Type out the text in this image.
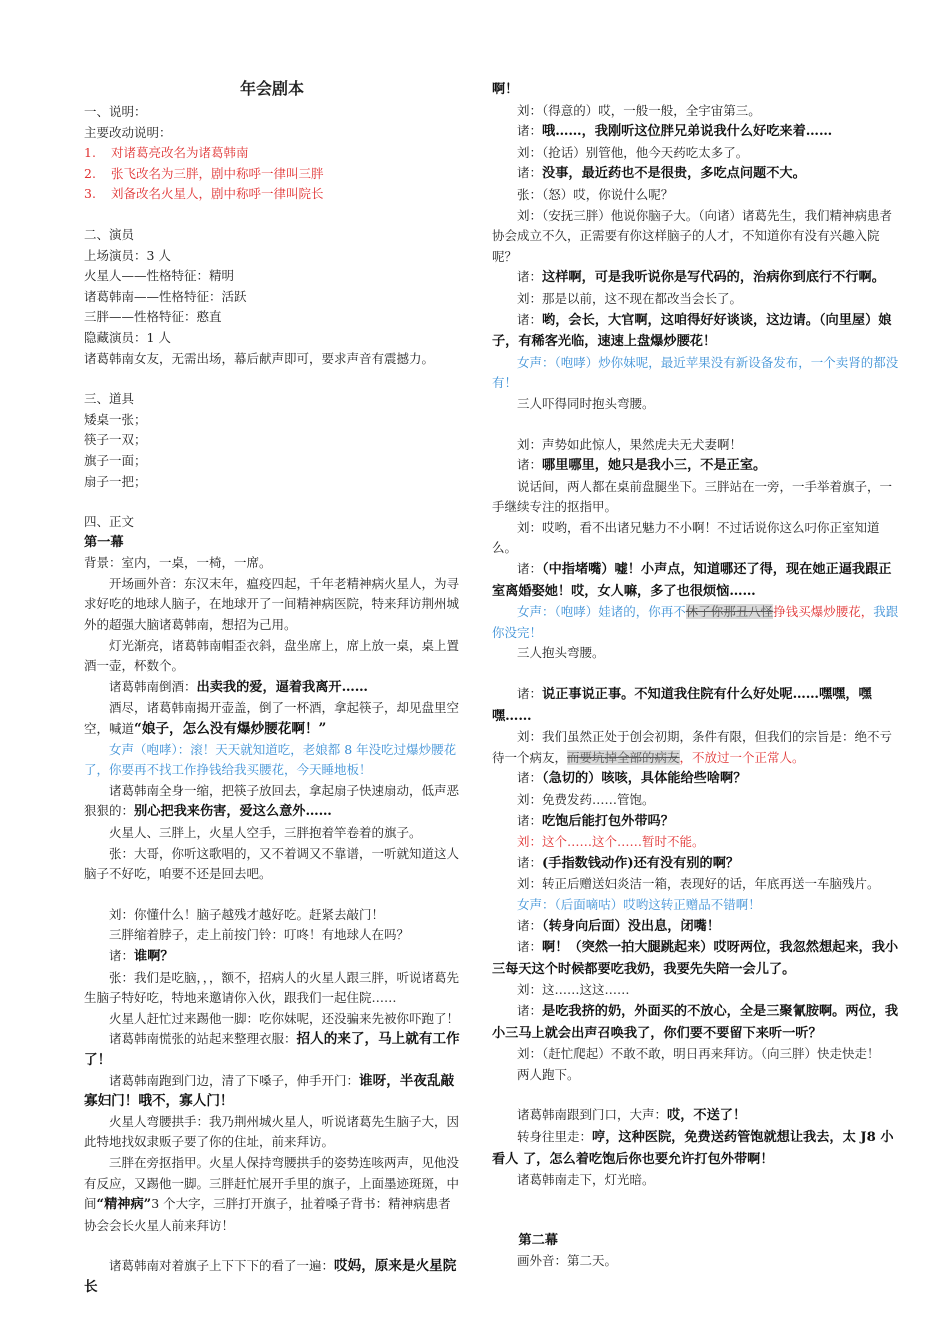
年会剧本

一、说明：

主要改动说明：

1. 对诸葛亮改名为诸葛韩南

2. 张飞改名为三胖，剧中称呼一律叫三胖

3. 刘备改名火星人，剧中称呼一律叫院长

二、演员

上场演员：3 人

火星人——性格特征：精明

诸葛韩南——性格特征：活跃

三胖——性格特征：憨直

隐藏演员：1 人

诸葛韩南女友，无需出场，幕后献声即可，要求声音有震撼力。

三、道具

矮桌一张；

筷子一双；

旗子一面；

扇子一把；

四、正文

第一幕

背景：室内，一桌，一椅，一席。

开场画外音：东汉末年，瘟疫四起，千年老精神病火星人，为寻求好吃的地球人脑子，在地球开了一间精神病医院，特来拜访荆州城外的超强大脑诸葛韩南，想招为己用。

灯光渐亮，诸葛韩南帽歪衣斜，盘坐席上，席上放一桌，桌上置酒一壶，杯数个。

诸葛韩南倒酒：出卖我的爱，逼着我离开……

酒尽，诸葛韩南揭开壶盖，倒了一杯酒，拿起筷子，却见盘里空空，喊道“娘子，怎么没有爆炒腰花啊！”

女声（咆哮）：滚！天天就知道吃，老娘都 8 年没吃过爆炒腰花了，你要再不找工作挣钱给我买腰花，今天睡地板！

诸葛韩南全身一缩，把筷子放回去，拿起扇子快速扇动，低声恶狠狠的：别心把我来伤害，爱这么意外……

火星人、三胖上，火星人空手，三胖抱着竿卷着的旗子。

张：大哥，你听这歌唱的，又不着调又不靠谱，一听就知道这人脑子不好吃，咱要不还是回去吧。

刘：你懂什么！脑子越残才越好吃。赶紧去敲门！

三胖缩着脖子，走上前按门铃：叮咚！有地球人在吗？

诸：谁啊？

张：我们是吃脑，，，额不，招病人的火星人跟三胖，听说诸葛先生脑子特好吃，特地来邀请你入伙，跟我们一起住院……

火星人赶忙过来踢他一脚：吃你妹呢，还没骗来先被你吓跑了！

诸葛韩南慌张的站起来整理衣服：招人的来了，马上就有工作了！

诸葛韩南跑到门边，清了下嗓子，伸手开门：谁呀，半夜乱敲寡妇门！哦不，寡人门！

火星人弯腰拱手：我乃荆州城火星人，听说诸葛先生脑子大，因此特地找奴隶贩子要了你的住址，前来拜访。

三胖在旁抠指甲。火星人保持弯腰拱手的姿势连咳两声，见他没有反应，又踢他一脚。三胖赶忙展开手里的旗子，上面墨迹斑斑，中间“精神病”3 个大字，三胖打开旗子，扯着嗓子背书：精神病患者协会会长火星人前来拜访！

诸葛韩南对着旗子上下下下的看了一遍：哎妈，原来是火星院长

啊！

刘：（得意的）哎，一般一般，全宇宙第三。

诸：哦……，我刚听这位胖兄弟说我什么好吃来着……

刘：（抢话）别管他，他今天药吃太多了。

诸：没事，最近药也不是很贵，多吃点问题不大。

张：（怒）哎，你说什么呢？

刘：（安抚三胖）他说你脑子大。（向诸）诸葛先生，我们精神病患者协会成立不久，正需要有你这样脑子的人才，不知道你有没有兴趣入院呢？

诸：这样啊，可是我听说你是写代码的，治病你到底行不行啊。

刘：那是以前，这不现在都改当会长了。

诸：哟，会长，大官啊，这咱得好好谈谈，这边请。（向里屋）娘子，有稀客光临，速速上盘爆炒腰花！

女声：（咆哮）炒你妹呢，最近苹果没有新设备发布，一个卖肾的都没有！

三人吓得同时抱头弯腰。

刘：声势如此惊人，果然虎夫无犬妻啊！

诸：哪里哪里，她只是我小三，不是正室。

说话间，两人都在桌前盘腿坐下。三胖站在一旁，一手举着旗子，一手继续专注的抠指甲。

刘：哎哟，看不出诸兄魅力不小啊！不过话说你这么叼你正室知道么。

诸：（中指堵嘴）嘘！小声点，知道哪还了得，现在她正逼我跟正室离婚娶她！哎，女人嘛，多了也很烦恼……

女声：（咆哮）娃诸的，你再不休了你那丑八怪挣钱买爆炒腰花，我跟你没完！

三人抱头弯腰。

诸：说正事说正事。不知道我住院有什么好处呢……嘿嘿，嘿嘿……

刘：我们虽然正处于创会初期，条件有限，但我们的宗旨是：绝不亏待一个病友，而要坑掉全部的病友，不放过一个正常人。

诸：（急切的）咳咳，具体能给些啥啊？

刘：免费发药……管饱。

诸：吃饱后能打包外带吗？

刘：这个……这个……暂时不能。

诸：(手指数钱动作)还有没有别的啊？

刘：转正后赠送妇炎洁一箱，表现好的话，年底再送一车脑残片。

女声：（后面嘀咕）哎哟这转正赠品不错啊！

诸：（转身向后面）没出息，闭嘴！

诸：啊！（突然一拍大腿跳起来）哎呀两位，我忽然想起来，我小三每天这个时候都要吃我奶，我要先失陪一会儿了。

刘：这……这这……

诸：是吃我挤的奶，外面买的不放心，全是三聚氰胺啊。两位，我小三马上就会出声召唤我了，你们要不要留下来听一听？

刘：（赶忙爬起）不敢不敢，明日再来拜访。（向三胖）快走快走！

两人跑下。

诸葛韩南跟到门口，大声：哎，不送了！

转身往里走：哼，这种医院，免费送药管饱就想让我去，太 J8 小看人 了，怎么着吃饱后你也要允许打包外带啊！

诸葛韩南走下，灯光暗。

第二幕

画外音：第二天。
